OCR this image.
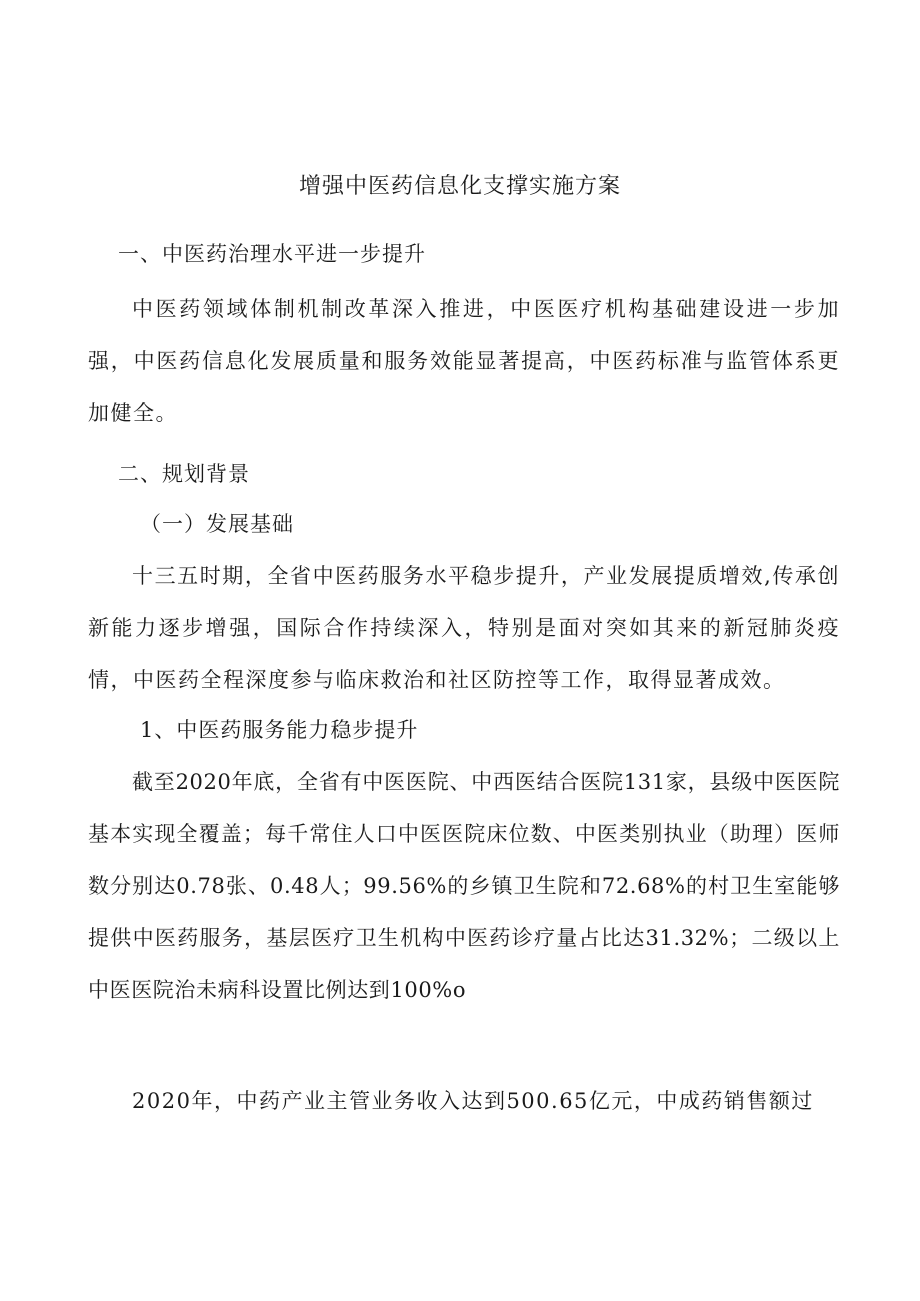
增强中医药信息化支撑实施方案
一、中医药治理水平进一步提升
中医药领域体制机制改革深入推进，中医医疗机构基础建设进一步加强，中医药信息化发展质量和服务效能显著提高，中医药标准与监管体系更加健全。
二、规划背景
（一）发展基础
十三五时期，全省中医药服务水平稳步提升，产业发展提质增效,传承创新能力逐步增强，国际合作持续深入，特别是面对突如其来的新冠肺炎疫情，中医药全程深度参与临床救治和社区防控等工作，取得显著成效。
1、中医药服务能力稳步提升
截至2020年底，全省有中医医院、中西医结合医院131家，县级中医医院基本实现全覆盖；每千常住人口中医医院床位数、中医类别执业（助理）医师数分别达0.78张、0.48人；99.56%的乡镇卫生院和72.68%的村卫生室能够提供中医药服务，基层医疗卫生机构中医药诊疗量占比达31.32%；二级以上中医医院治未病科设置比例达到100%o
2020年，中药产业主管业务收入达到500.65亿元，中成药销售额过
